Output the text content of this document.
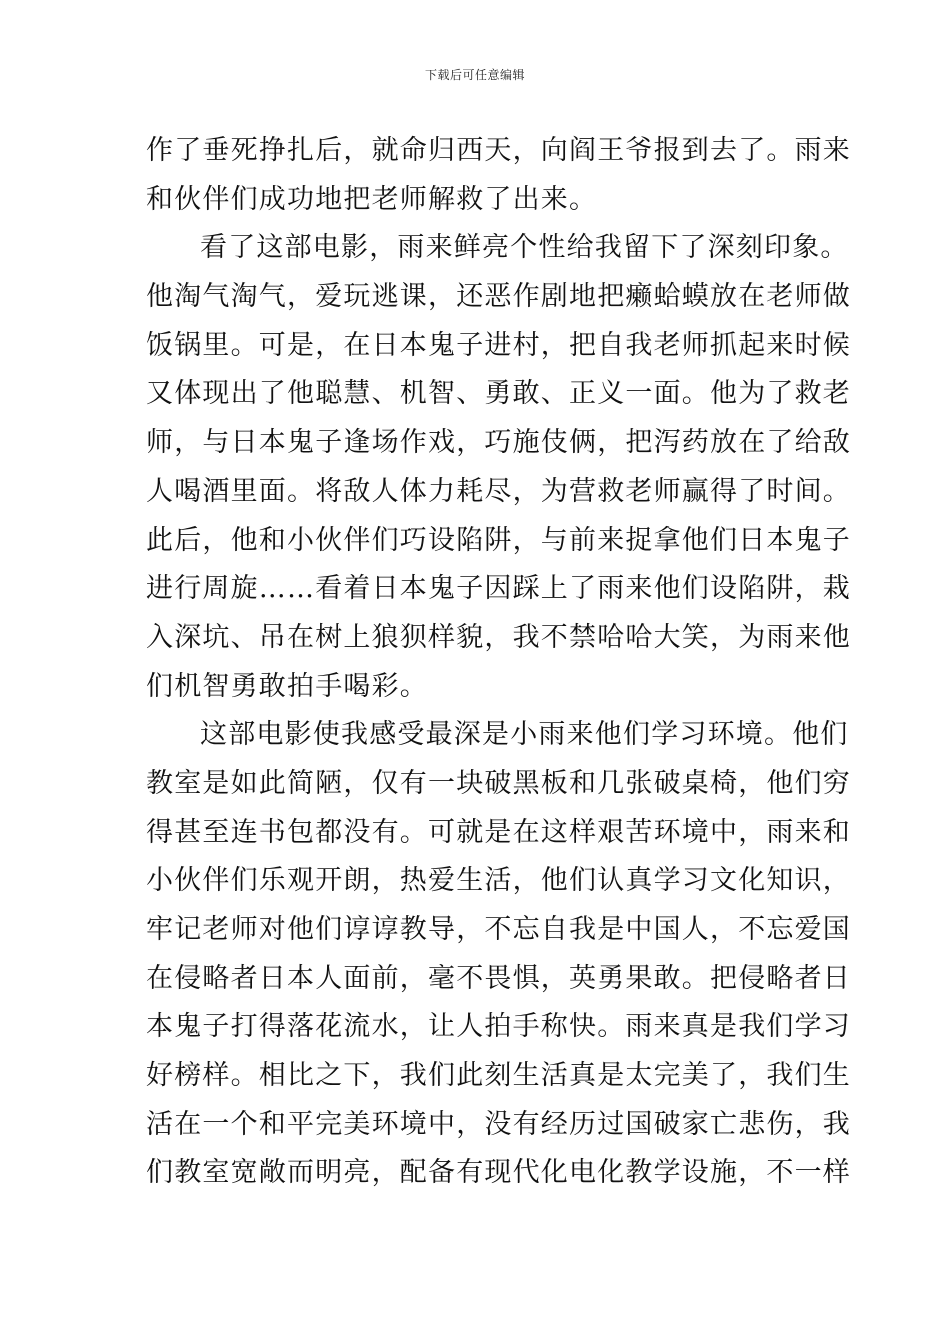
下载后可任意编辑
作了垂死挣扎后，就命归西天，向阎王爷报到去了。雨来
和伙伴们成功地把老师解救了出来。
看了这部电影，雨来鲜亮个性给我留下了深刻印象。
他淘气淘气，爱玩逃课，还恶作剧地把癞蛤蟆放在老师做
饭锅里。可是，在日本鬼子进村，把自我老师抓起来时候
又体现出了他聪慧、机智、勇敢、正义一面。他为了救老
师，与日本鬼子逢场作戏，巧施伎俩，把泻药放在了给敌
人喝酒里面。将敌人体力耗尽，为营救老师赢得了时间。
此后，他和小伙伴们巧设陷阱，与前来捉拿他们日本鬼子
进行周旋……看着日本鬼子因踩上了雨来他们设陷阱，栽
入深坑、吊在树上狼狈样貌，我不禁哈哈大笑，为雨来他
们机智勇敢拍手喝彩。
这部电影使我感受最深是小雨来他们学习环境。他们
教室是如此简陋，仅有一块破黑板和几张破桌椅，他们穷
得甚至连书包都没有。可就是在这样艰苦环境中，雨来和
小伙伴们乐观开朗，热爱生活，他们认真学习文化知识，
牢记老师对他们谆谆教导，不忘自我是中国人，不忘爱国
在侵略者日本人面前，毫不畏惧，英勇果敢。把侵略者日
本鬼子打得落花流水，让人拍手称快。雨来真是我们学习
好榜样。相比之下，我们此刻生活真是太完美了，我们生
活在一个和平完美环境中，没有经历过国破家亡悲伤，我
们教室宽敞而明亮，配备有现代化电化教学设施，不一样
